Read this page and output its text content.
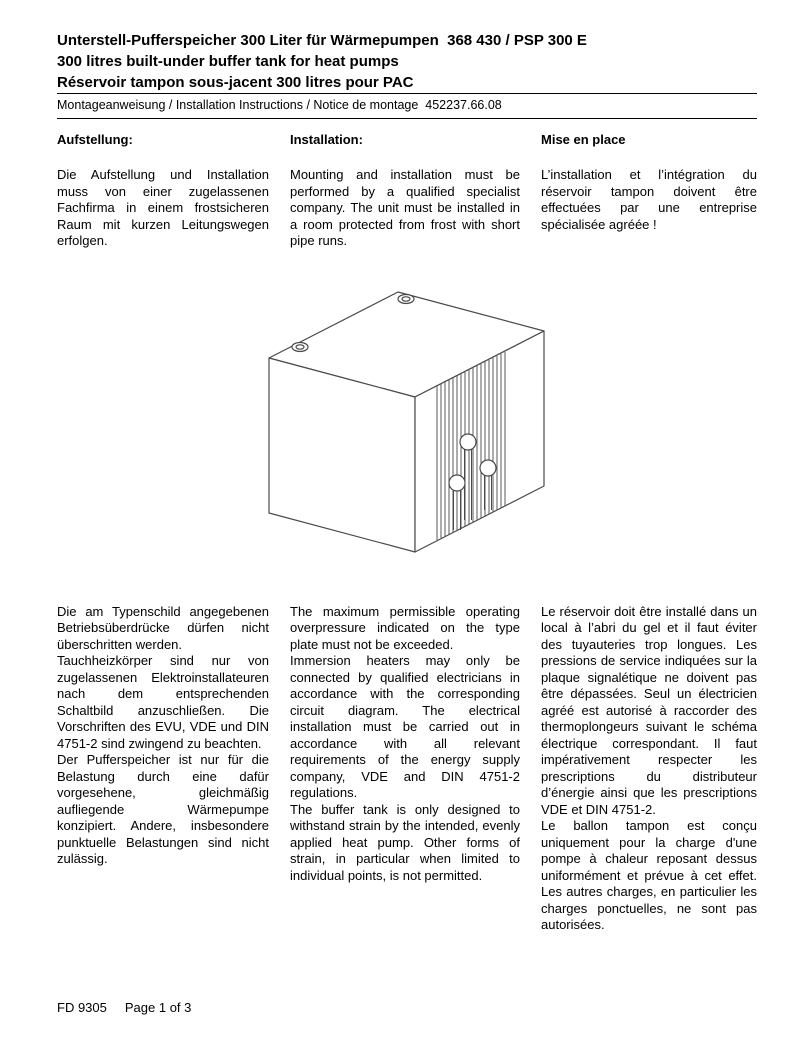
Unterstell-Pufferspeicher 300 Liter für Wärmepumpen  368 430 / PSP 300 E
300 litres built-under buffer tank for heat pumps
Réservoir tampon sous-jacent 300 litres pour PAC
Montageanweisung / Installation Instructions / Notice de montage  452237.66.08
Aufstellung:
Die Aufstellung und Installation muss von einer zugelassenen Fachfirma in einem frostsicheren Raum mit kurzen Leitungswegen erfolgen.
Installation:
Mounting and installation must be performed by a qualified specialist company. The unit must be installed in a room protected from frost with short pipe runs.
Mise en place
L’installation et l’intégration du réservoir tampon doivent être effectuées par une entreprise spécialisée agréée !

Die am Typenschild angegebenen Betriebsüberdrücke dürfen nicht überschritten werden.

Tauchheizkörper sind nur von zugelassenen Elektroinstallateuren nach dem entsprechenden Schaltbild anzuschließen. Die Vorschriften des EVU, VDE und DIN 4751-2 sind zwingend zu beachten.

Der Pufferspeicher ist nur für die Belastung durch eine dafür vorgesehene, gleichmäßig aufliegende Wärmepumpe konzipiert. Andere, insbesondere punktuelle Belastungen sind nicht zulässig.

The maximum permissible operating overpressure indicated on the type plate must not be exceeded.

Immersion heaters may only be connected by qualified electricians in accordance with the corresponding circuit diagram. The electrical installation must be carried out in accordance with all relevant requirements of the energy supply company, VDE and DIN 4751-2 regulations.

The buffer tank is only designed to withstand strain by the intended, evenly applied heat pump. Other forms of strain, in particular when limited to individual points, is not permitted.

Le réservoir doit être installé dans un local à l’abri du gel et il faut éviter des tuyauteries trop longues. Les pressions de service indiquées sur la plaque signalétique ne doivent pas être dépassées. Seul un électricien agréé est autorisé à raccorder des thermoplongeurs suivant le schéma électrique correspondant. Il faut impérativement respecter les prescriptions du distributeur d’énergie ainsi que les prescriptions VDE et DIN 4751-2.

Le ballon tampon est conçu uniquement pour la charge d'une pompe à chaleur reposant dessus uniformément et prévue à cet effet. Les autres charges, en particulier les charges ponctuelles, ne sont pas autorisées.

FD 9305 Page 1 of 3
